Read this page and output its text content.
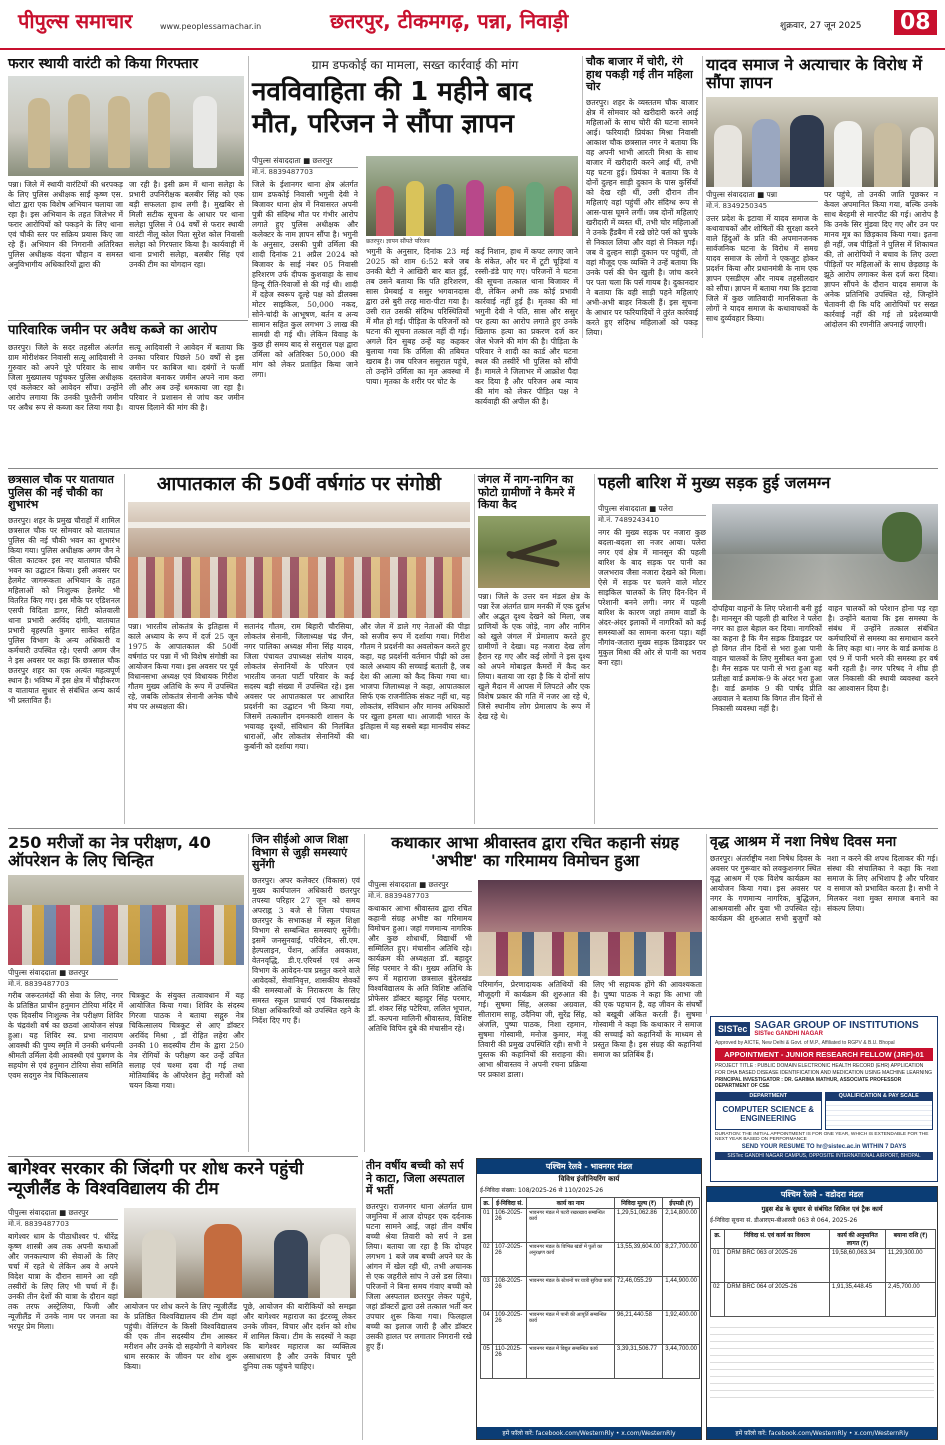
पीपुल्स समाचार	www.peoplessamachar.in	छतरपुर, टीकमगढ़, पन्ना, निवाड़ी	शुक्रवार, 27 जून 2025 08
फरार स्थायी वारंटी को किया गिरफ्तार
पन्ना। जिले में स्थायी वारंटियों की धरपकड़ के लिए पुलिस अधीक्षक साईं कृष्ण एस. थोटा द्वारा एक विशेष अभियान चलाया जा रहा है। इस अभियान के तहत जिलेभर में फरार आरोपियों को पकड़ने के लिए थाना एवं चौकी स्तर पर सक्रिय प्रयास किए जा रहे हैं। अभियान की निगरानी अतिरिक्त पुलिस अधीक्षक वंदना चौहान व समस्त अनुविभागीय अधिकारियों द्वारा की
जा रही है। इसी क्रम में थाना सलेहा के प्रभारी उपनिरीक्षक बलबीर सिंह को एक बड़ी सफलता हाथ लगी है। मुखबिर से मिली सटीक सूचना के आधार पर थाना सलेहा पुलिस ने 04 वर्षों से फरार स्थायी वारंटी नीलू कोल पिता सुरेश कोल निवासी सलेहा को गिरफ्तार किया है। कार्यवाही में थाना प्रभारी सलेहा, बलबीर सिंह एवं उनकी टीम का योगदान रहा।
ग्राम डफकोई का मामला, सख्त कार्रवाई की मांग
नवविवाहिता की 1 महीने बाद मौत, परिजन ने सौंपा ज्ञापन
पीपुल्स संवाददाता ■ छतरपुर
मो.नं. 8839487703
जिले के ईशानगर थाना क्षेत्र अंतर्गत ग्राम डफकोई निवासी भगुनी देवी ने बिजावर थाना क्षेत्र में निवासरत अपनी पुत्री की संदिग्ध मौत पर गंभीर आरोप लगाते हुए पुलिस अधीक्षक और कलेक्टर के नाम ज्ञापन सौंपा है। भगुनी के अनुसार, उसकी पुत्री उर्मिला की शादी दिनांक 21 अप्रैल 2024 को बिजावर के साई नंबर 05 निवासी हरिशरण उर्फ दीपक कुशवाहा के साथ हिन्दू रीति-रिवाजों से की गई थी। शादी में दहेज स्वरूप दूल्हे पक्ष को डीलक्स मोटर साइकिल, 50,000 नकद, सोने-चांदी के आभूषण, बर्तन व अन्य सामान सहित कुल लगभग 3 लाख की सामग्री दी गई थी। लेकिन विवाह के कुछ ही समय बाद से ससुराल पक्ष द्वारा उर्मिला को अतिरिक्त 50,000 की मांग को लेकर प्रताड़ित किया जाने लगा।
छतरपुर। ज्ञापन सौंपते परिजन
भगुनी के अनुसार, दिनांक 23 मई 2025 को शाम 6:52 बजे जब उनकी बेटी ने आखिरी बार बात हुई, तब उसने बताया कि पति हरिशरण, सास प्रेमबाई व ससुर भगवानदास द्वारा उसे बुरी तरह मारा-पीटा गया है। उसी रात उसकी संदिग्ध परिस्थितियों में मौत हो गई। पीड़िता के परिजनों को घटना की सूचना तत्काल नहीं दी गई। अगले दिन सुबह उन्हें यह कहकर बुलाया गया कि उर्मिला की तबियत खराब है। जब परिजन ससुराल पहुंचे, तो उन्होंने उर्मिला का मृत अवस्था में पाया। मृतका के शरीर पर चोट के
कई निशान, हाथ में कपट लगाए जाने के संकेत, और घर में टूटी चूड़ियां व रस्सी-डंडे पाए गए। परिजनों ने घटना की सूचना तत्काल थाना बिजावर में दी, लेकिन अभी तक कोई प्रभावी कार्रवाई नहीं हुई है। मृतका की मां भगुनी देवी ने पति, सास और ससुर पर हत्या का आरोप लगाते हुए उनके खिलाफ हत्या का प्रकरण दर्ज कर जेल भेजने की मांग की है। पीड़िता के परिवार ने शादी का कार्ड और घटना स्थल की तस्वीरें भी पुलिस को सौंपी हैं। मामले ने जिलाभर में आक्रोश पैदा कर दिया है और परिजन अब न्याय की मांग को लेकर पीड़ित पक्ष ने कार्यवाही की अपील की है।
चौक बाजार में चोरी, रंगे हाथ पकड़ी गई तीन महिला चोर
छतरपुर। शहर के व्यस्ततम चौक बाजार क्षेत्र में सोमवार को खरीदारी करने आई महिलाओं के साथ चोरी की घटना सामने आई। फरियादी प्रियंका मिश्रा निवासी आकाश चौक छत्रसाल नगर ने बताया कि वह अपनी भाभी आरती मिश्रा के साथ बाजार में खरीदारी करने आई थीं, तभी यह घटना हुई। प्रियंका ने बताया कि वे दोनों दुल्हन साड़ी दुकान के पास कुर्सियों को देख रही थीं, उसी दौरान तीन महिलाएं वहां पहुंचीं और संदिग्ध रूप से आस-पास घूमने लगीं। जब दोनों महिलाएं खरीदारी में व्यस्त थीं, तभी चोर महिलाओं ने उनके हैंडबैग में रखे छोटे पर्स को चुपके से निकाल लिया और वहां से निकल गईं। जब वे दुल्हन साड़ी दुकान पर पहुंचीं, तो वहां मौजूद एक व्यक्ति ने उन्हें बताया कि उनके पर्स की चेन खुली है। जांच करने पर पता चला कि पर्स गायब है। दुकानदार ने बताया कि वही साड़ी पहने महिलाएं अभी-अभी बाहर निकली हैं। इस सूचना के आधार पर फरियादियों ने तुरंत कार्रवाई करते हुए संदिग्ध महिलाओं को पकड़ लिया।
यादव समाज ने अत्याचार के विरोध में सौंपा ज्ञापन
पीपुल्स संवाददाता ■ पन्ना
मो.नं. 8349250345
उत्तर प्रदेश के इटावा में यादव समाज के कथावाचकों और शोषितों की सुरक्षा करने वाले हिंदुओं के प्रति की अपमानजनक सार्वजनिक घटना के विरोध में समग्र यादव समाज के लोगों ने एकजुट होकर प्रदर्शन किया और प्रधानमंत्री के नाम एक ज्ञापन एसडीएम और नायब तहसीलदार को सौंपा। ज्ञापन में बताया गया कि इटावा जिले में कुछ जातिवादी मानसिकता के लोगों ने यादव समाज के कथावाचकों के साथ दुर्व्यवहार किया।
पर पहुंचे, तो उनकी जाति पूछकर न केवल अपमानित किया गया, बल्कि उनके साथ बेरहमी से मारपीट की गई। आरोप है कि उनके सिर मुंडवा दिए गए और उन पर मानव मूत्र का छिड़काव किया गया। इतना ही नहीं, जब पीड़ितों ने पुलिस में शिकायत की, तो आरोपियों ने बचाव के लिए उल्टा पीड़ितों पर महिलाओं के साथ छेड़छाड़ के झूठे आरोप लगाकर केस दर्ज करा दिया। ज्ञापन सौंपने के दौरान यादव समाज के अनेक प्रतिनिधि उपस्थित रहे, जिन्होंने चेतावनी दी कि यदि आरोपियों पर सख्त कार्रवाई नहीं की गई तो प्रदेशव्यापी आंदोलन की रणनीति अपनाई जाएगी।
पारिवारिक जमीन पर अवैध कब्जे का आरोप
छतरपुर। जिले के सदर तहसील अंतर्गत ग्राम मोरीशंकर निवासी सत्यू आदिवासी ने गुरुवार को अपने पूरे परिवार के साथ जिला मुख्यालय पहुंचकर पुलिस अधीक्षक एवं कलेक्टर को आवेदन सौंपा। उन्होंने आरोप लगाया कि उनकी पुश्तैनी जमीन पर अवैध रूप से कब्जा कर लिया गया है। सत्यू आदिवासी ने आवेदन में बताया कि उनका परिवार पिछले 50 वर्षों से इस जमीन पर काबिज था। दबंगों ने फर्जी दस्तावेज बनाकर जमीन अपने नाम करा ली और अब उन्हें धमकाया जा रहा है। परिवार ने प्रशासन से जांच कर जमीन वापस दिलाने की मांग की है।
छत्रसाल चौक पर यातायात पुलिस की नई चौकी का शुभारंभ
छतरपुर। शहर के प्रमुख चौराहों में शामिल छत्रसाल चौक पर सोमवार को यातायात पुलिस की नई चौकी भवन का शुभारंभ किया गया। पुलिस अधीक्षक अगम जैन ने फीता काटकर इस नए यातायात चौकी भवन का उद्घाटन किया। इसी अवसर पर हेलमेट जागरूकता अभियान के तहत महिलाओं को निःशुल्क हेलमेट भी वितरित किए गए। इस मौके पर एडिशनल एसपी विदिता डागर, सिटी कोतवाली थाना प्रभारी अरविंद दांगी, यातायात प्रभारी बृहस्पति कुमार साकेत सहित पुलिस विभाग के अन्य अधिकारी व कर्मचारी उपस्थित रहे। एसपी अगम जैन ने इस अवसर पर कहा कि छत्रसाल चौक छतरपुर शहर का एक अत्यंत महत्वपूर्ण स्थान है। भविष्य में इस क्षेत्र में चौड़ीकरण व यातायात सुधार से संबंधित अन्य कार्य भी प्रस्तावित हैं।
आपातकाल की 50वीं वर्षगांठ पर संगोष्ठी
पन्ना। भारतीय लोकतंत्र के इतिहास में काले अध्याय के रूप में दर्ज 25 जून 1975 के आपातकाल की 50वीं वर्षगांठ पर पन्ना में भी विशेष संगोष्ठी का आयोजन किया गया। इस अवसर पर पूर्व विधानसभा अध्यक्ष एवं विधायक गिरीश गौतम मुख्य अतिथि के रूप में उपस्थित रहे, जबकि लोकतंत्र सेनानी अनेक चौथे मंच पर अध्यक्षता की।
सतानंद गौतम, राम बिहारी चौरसिया, लोकतंत्र सेनानी, जिलाध्यक्ष चंद्र जैन, नगर पालिका अध्यक्ष मीना सिंह यादव, जिला पंचायत उपाध्यक्ष संतोष यादव, लोकतंत्र सेनानियों के परिजन एवं भारतीय जनता पार्टी परिवार के कई सदस्य बड़ी संख्या में उपस्थित रहे। इस अवसर पर आपातकाल पर आधारित प्रदर्शनी का उद्घाटन भी किया गया, जिसमें तत्कालीन दमनकारी शासन के भयावह दृश्यों, संविधान की निलंबित धाराओं, और लोकतंत्र सेनानियों की कुर्बानी को दर्शाया गया।
और जेल में डाले गए नेताओं की पीड़ा को सजीव रूप में दर्शाया गया। गिरीश गौतम ने प्रदर्शनी का अवलोकन करते हुए कहा, यह प्रदर्शनी वर्तमान पीढ़ी को उस काले अध्याय की सच्चाई बताती है, जब देश की आत्मा को कैद किया गया था। भाजपा जिलाध्यक्ष ने कहा, आपातकाल सिर्फ एक राजनीतिक संकट नहीं था, यह लोकतंत्र, संविधान और मानव अधिकारों पर खुला हमला था। आजादी भारत के इतिहास में यह सबसे बड़ा मानवीय संकट था।
जंगल में नाग-नागिन का फोटो ग्रामीणों ने कैमरे में किया कैद
पन्ना। जिले के उत्तर वन मंडल क्षेत्र के पन्ना रेंज अंतर्गत ग्राम मनकी में एक दुर्लभ और अद्भुत दृश्य देखने को मिला, जब प्राणियों के एक जोड़े, नाग और नागिन को खुले जंगल में प्रेमालाप करते हुए ग्रामीणों ने देखा। यह नजारा देख लोग हैरान रह गए और कई लोगों ने इस दृश्य को अपने मोबाइल कैमरों में कैद कर लिया। बताया जा रहा है कि ये दोनों सांप खुले मैदान में आपस में लिपटते और एक विशेष प्रकार की गति में नजर आ रहे थे, जिसे स्थानीय लोग प्रेमालाप के रूप में देख रहे थे।
पहली बारिश में मुख्य सड़क हुई जलमग्न
पीपुल्स संवाददाता ■ पलेरा
मो.नं. 7489243410
नगर की मुख्य सड़क पर नजारा कुछ बदला-बदला सा नजर आया। पलेरा नगर एवं क्षेत्र में मानसून की पहली बारिश के बाद सड़क पर पानी का जलभराव जैसा नजारा देखने को मिला। ऐसे में सड़क पर चलने वाले मोटर साइकिल चालकों के लिए दिन-दिन में परेशानी बनने लगी। नगर में पहली बारिश के कारण जहां तमाम वार्डों के अंदर-अंदर इलाकों में नागरिकों को कई समस्याओं का सामना करना पड़ा। यहीं नौगांव-जतारा मुख्य सड़क डिवाइडर पर मुकुल मिश्रा की ओर से पानी का भराव बना रहा।
दोपहिया वाहनों के लिए परेशानी बनी हुई है। मानसून की पहली ही बारिश ने पलेरा नगर का हाल बेहाल कर दिया। नागरिकों का कहना है कि मैन सड़क डिवाइडर पर हो विगत तीन दिनों से भरा हुआ पानी वाहन चालकों के लिए मुसीबत बना हुआ है। मैन सड़क पर पानी से भरा हुआ यह प्रतीक्षा वार्ड क्रमांक-9 के अंदर भरा हुआ है। वार्ड क्रमांक 9 की पार्षद प्रीति अग्रवाल ने बताया कि विगत तीन दिनों से निकासी व्यवस्था नहीं है।
वाहन चालकों को परेशान होना पड़ रहा है। उन्होंने बताया कि इस समस्या के संबंध में उन्होंने तत्काल संबंधित कर्मचारियों से समस्या का समाधान करने के लिए कहा था। नगर के वार्ड क्रमांक 8 एवं 9 में पानी भरने की समस्या हर वर्ष बनी रहती है। नगर परिषद ने शीघ्र ही जल निकासी की स्थायी व्यवस्था करने का आश्वासन दिया है।
250 मरीजों का नेत्र परीक्षण, 40 ऑपरेशन के लिए चिन्हित
पीपुल्स संवाददाता ■ छतरपुर
मो.नं. 8839487703
गरीब जरूरतमंदों की सेवा के लिए, नगर के प्रतिष्ठित प्राचीन हनुमान टोरिया मंदिर में एक दिवसीय निःशुल्क नेत्र परीक्षण शिविर के चंद्रवंशी वर्ष का छठवां आयोजन संपन्न हुआ। यह शिविर स्व. प्रभा नारायण आवस्थी की पुण्य स्मृति में उनकी धर्मपत्नी श्रीमती उर्मिला देवी आवस्थी एवं पुत्रगण के सहयोग से एवं हनुमान टोरिया सेवा समिति एवम सदगुरु नेत्र चिकित्सालय
चित्रकूट के संयुक्त तत्वावधान में यह आयोजित किया गया। शिविर के संदस्य गिरजा पाठक ने बताया सद्गुरु नेत्र चिकित्सालय चित्रकूट से आए डॉक्टर अरविंद मिश्रा , डॉ रोहित लहेरा और उनकी 10 सदस्यीय टीम के द्वारा 250 नेत्र रोगियों के परीक्षण कर उन्हें उचित सलाह एवं चश्मा दवा दी गई तथा मोतियाबिंद के ऑपरेशन हेतु मरीजों को चयन किया गया।
जिन सीईओ आज शिक्षा विभाग से जुड़ी समस्याएं सुनेंगी
छतरपुर। अपर कलेक्टर (विकास) एवं मुख्य कार्यपालन अधिकारी छतरपुर तपस्या परिहार 27 जून को समय अपराह्न 3 बजे से जिला पंचायत छतरपुर के सभाकक्ष में स्कूल शिक्षा विभाग से सम्बन्धित समस्याएं सुनेंगी। इसमें जनसुनवाई, परिवेदन, सी.एम. हेल्पलाइन, पेंशन, अर्जित अवकाश, वेतनवृद्धि, डी.ए.एरियर्स एवं अन्य विभाग के आवेदन-पत्र प्रस्तुत करने वाले आवेदकों, सेवानिवृत्त, शासकीय सेवकों की समस्याओं के निराकरण के लिए समस्त स्कूल प्राचार्य एवं विकासखंड शिक्षा अधिकारियों को उपस्थित रहने के निर्देश दिए गए हैं।
कथाकार आभा श्रीवास्तव द्वारा रचित कहानी संग्रह 'अभीष्ट' का गरिमामय विमोचन हुआ
पीपुल्स संवाददाता ■ छतरपुर
मो.नं. 8839487703
कथाकार आभा श्रीवास्तव द्वारा रचित कहानी संग्रह अभीष्ट का गरिमामय विमोचन हुआ। जहां गणमान्य नागरिक और कुछ शोधार्थी, विद्यार्थी भी सम्मिलित हुए। मंचासीन अतिथि रहे। कार्यक्रम की अध्यक्षता डॉ. बहादुर सिंह परमार ने की। मुख्य अतिथि के रूप में महाराजा छत्रसाल बुंदेलखंड विश्वविद्यालय के अति विशिष्ट अतिथि प्रोफेसर डॉक्टर बहादुर सिंह परमार, डॉ. शंकर सिंह पटेरिया, ललित भूपाल, डॉ. कल्पना मालिनी श्रीवास्तव, विशिष्ट अतिथि विपिन दुबे की मंचासीन रहे।
परिमार्गन, प्रेरणादायक अतिथियों की मौजूदगी में कार्यक्रम की शुरुआत की गई। सुषमा सिंह, अलका अग्रवाल, सीताराम साहू, उदैनिया जी, सुरेंद्र सिंह, अंजलि, पुष्पा पाठक, निशा रहमान, सुषमा गोस्वामी, मनोज कुमार, मंजू तिवारी की प्रमुख उपस्थिति रही। सभी ने पुस्तक की कहानियों की सराहना की। आभा श्रीवास्तव ने अपनी रचना प्रक्रिया पर प्रकाश डाला।
लिए भी सहायक होंगे की आवश्यकता है। पुष्पा पाठक ने कहा कि आभा जी की एक पहचान है, वह जीवन के संघर्षों को बखूबी अंकित करती हैं। सुषमा गोस्वामी ने कहा कि कथाकार ने समाज की सच्चाई को कहानियों के माध्यम से प्रस्तुत किया है। इस संग्रह की कहानियां समाज का प्रतिबिंब हैं।
वृद्ध आश्रम में नशा निषेध दिवस मना
छतरपुर। अंतर्राष्ट्रीय नशा निषेध दिवस के अवसर पर गुरूवार को लवकुशनगर स्थित वृद्ध आश्रम में एक विशेष कार्यक्रम का आयोजन किया गया। इस अवसर पर नगर के गणमान्य नागरिक, बुद्धिजन, आश्रमवासी और युवा भी उपस्थित रहे। कार्यक्रम की शुरुआत सभी बुजुर्गों को नशा न करने की शपथ दिलाकर की गई। संस्था की संचालिका ने कहा कि नशा समाज के लिए अभिशाप है और परिवार व समाज को प्रभावित करता है। सभी ने मिलकर नशा मुक्त समाज बनाने का संकल्प लिया।
SISTec SAGAR GROUP OF INSTITUTIONS
SISTec GANDHI NAGAR
Approved by AICTE, New Delhi & Govt. of M.P., Affiliated to RGPV & B.U. Bhopal
APPOINTMENT - JUNIOR RESEARCH FELLOW (JRF)-01
PROJECT TITLE : PUBLIC DOMAIN ELECTRONIC HEALTH RECORD (EHR) APPLICATION FOR DHA BASED DISEASE IDENTIFICATION AND MEDICATION USING MACHINE LEARNING
PRINCIPAL INVESTIGATOR : DR. GARIMA MATHUR, ASSOCIATE PROFESSOR DEPARTMENT OF CSE
DEPARTMENT
COMPUTER SCIENCE & ENGINEERING
QUALIFICATION & PAY SCALE
DURATION: THE INITIAL APPOINTMENT IS FOR ONE YEAR, WHICH IS EXTENDABLE FOR THE NEXT YEAR BASED ON PERFORMANCE
SEND YOUR RESUME TO hr@sistec.ac.in WITHIN 7 DAYS
SISTec GANDHI NAGAR CAMPUS, OPPOSITE INTERNATIONAL AIRPORT, BHOPAL
बागेश्वर सरकार की जिंदगी पर शोध करने पहुंची न्यूजीलैंड के विश्वविद्यालय की टीम
पीपुल्स संवाददाता ■ छतरपुर
मो.नं. 8839487703
बागेश्वर धाम के पीठाधीश्वर पं. धीरेंद्र कृष्ण शास्त्री अब तक अपनी कथाओं और जनकल्याण की सेवाओं के लिए चर्चा में रहते थे लेकिन अब वे अपने विदेश यात्रा के दौरान सामने आ रही तस्वीरों के लिए लिए भी चर्चा में हैं। उनकी तीन देशों की यात्रा के दौरान वहां तक तरफ अस्ट्रेलिया, फिजी और न्यूजीलैंड में उनके नाम पर जनता का भरपूर प्रेम मिला।
आयोजन पर शोध करने के लिए न्यूजीलैंड के प्रतिष्ठित विश्वविद्यालय की टीम वहां पहुंची। वेलिंग्टन के किसी विश्वविद्यालय की एक तीन सदस्यीय टीम आस्कर मरीशन और उनके दो सहयोगी ने बागेश्वर धाम सरकार के जीवन पर शोध शुरू किया।
पूछे, आयोजन की बारीकियों को समझा और बागेश्वर महाराज का इंटरव्यू लेकर उनके जीवन, विचार और दर्शन को शोध में शामिल किया। टीम के सदस्यों ने कहा कि बागेश्वर महाराज का व्यक्तित्व असाधारण है और उनके विचार पूरी दुनिया तक पहुंचने चाहिए।
तीन वर्षीय बच्ची को सर्प ने काटा, जिला अस्पताल में भर्ती
छतरपुर। राजनगर थाना अंतर्गत ग्राम जमुनिया में आज दोपहर एक दर्दनाक घटना सामने आई, जहां तीन वर्षीय बच्ची श्रेया तिवारी को सर्प ने डस लिया। बताया जा रहा है कि दोपहर लगभग 1 बजे जब बच्ची अपने घर के आंगन में खेल रही थी, तभी अचानक से एक जहरीले सांप ने उसे डस लिया। परिजनों ने बिना समय गंवाए बच्ची को जिला अस्पताल छतरपुर लेकर पहुंचे, जहां डॉक्टरों द्वारा उसे तत्काल भर्ती कर उपचार शुरू किया गया। फिलहाल बच्ची का इलाज जारी है और डॉक्टर उसकी हालत पर लगातार निगरानी रखे हुए हैं।
पश्चिम रेलवे - भावनगर मंडल
विविध इंजीनियरिंग कार्य
ई-निविदा संख्या: 108/2025-26 से 110/2025-26
क्र.	ई-निविदा सं.	कार्य का नाम	निविदा मूल्य (₹)	ईएमडी (₹)
01	106-2025-26	भावनगर मंडल में पटरी रखरखाव सम्बन्धित कार्य	1,29,51,062.86	2,14,800.00
02	107-2025-26	भावनगर मंडल के विभिन्न खंडों में पुलों का अनुरक्षण कार्य	13,55,39,604.00	8,27,700.00
03	108-2025-26	भावनगर मंडल के स्टेशनों पर यात्री सुविधा कार्य	72,46,055.29	1,44,900.00
04	109-2025-26	भावनगर मंडल में पानी की आपूर्ति सम्बन्धित कार्य	96,21,440.58	1,92,400.00
05	110-2025-26	भावनगर मंडल में विद्युत सम्बन्धित कार्य	3,39,31,506.77	3,44,700.00
हमें फ़ॉलो करें: facebook.com/WesternRly • x.com/WesternRly
पश्चिम रेलवे - वडोदरा मंडल
गुड्स शेड के सुधार से संबंधित सिविल एवं ट्रैक कार्य
ई-निविदा सूचना सं. डीआरएम-बीआरसी 063 से 064, 2025-26
क्र.	निविदा सं. एवं कार्य का विवरण	कार्य की अनुमानित लागत (₹)	बयाना राशि (₹)
01	DRM BRC 063 of 2025-26	19,58,60,063.34	11,29,300.00
02	DRM BRC 064 of 2025-26	1,91,35,448.45	2,45,700.00
हमें फ़ॉलो करें: facebook.com/WesternRly • x.com/WesternRly
